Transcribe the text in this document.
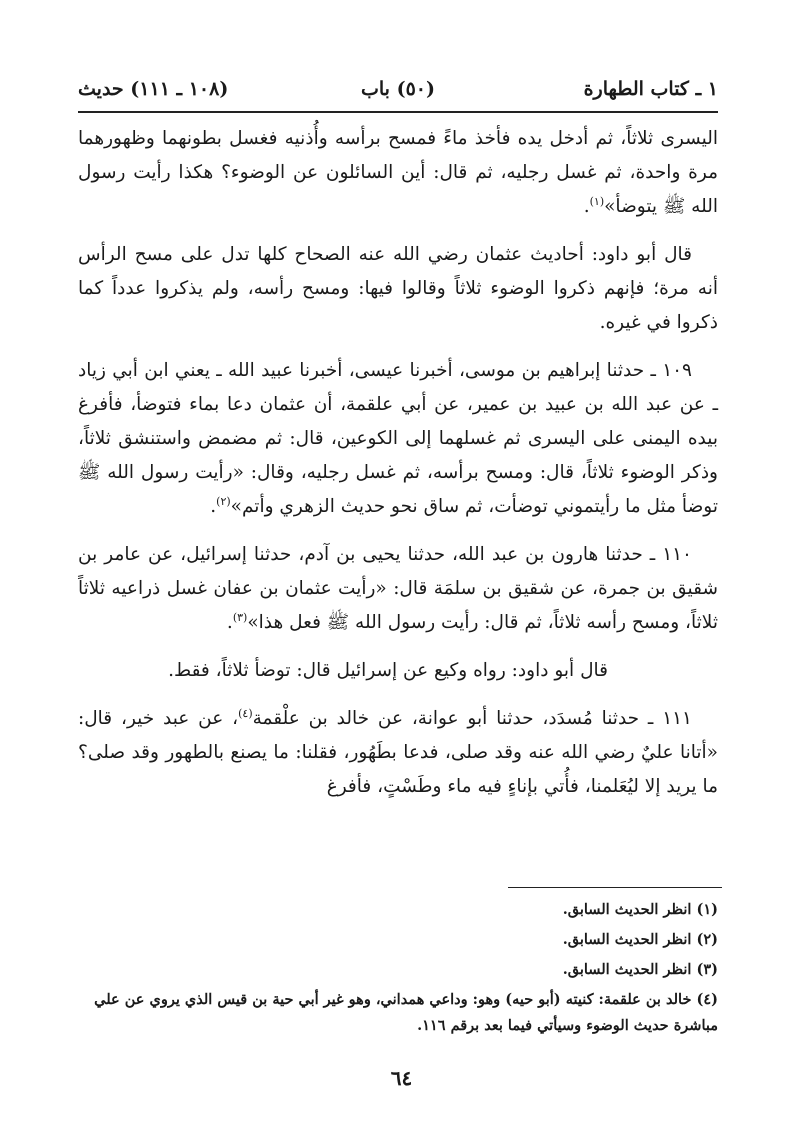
١ ـ كتاب الطهارة
(٥٠) باب
(١٠٨ ـ ١١١) حديث

اليسرى ثلاثاً، ثم أدخل يده فأخذ ماءً فمسح برأسه وأُذنيه فغسل بطونهما وظهورهما مرة واحدة، ثم غسل رجليه، ثم قال: أين السائلون عن الوضوء؟ هكذا رأيت رسول الله ﷺ يتوضأ»$^{(١)}$.

قال أبو داود: أحاديث عثمان رضي الله عنه الصحاح كلها تدل على مسح الرأس أنه مرة؛ فإنهم ذكروا الوضوء ثلاثاً وقالوا فيها: ومسح رأسه، ولم يذكروا عدداً كما ذكروا في غيره.

١٠٩ ـ حدثنا إبراهيم بن موسى، أخبرنا عيسى، أخبرنا عبيد الله ـ يعني ابن أبي زياد ـ عن عبد الله بن عبيد بن عمير، عن أبي علقمة، أن عثمان دعا بماء فتوضأ، فأفرغ بيده اليمنى على اليسرى ثم غسلهما إلى الكوعين، قال: ثم مضمض واستنشق ثلاثاً، وذكر الوضوء ثلاثاً، قال: ومسح برأسه، ثم غسل رجليه، وقال: «رأيت رسول الله ﷺ توضأ مثل ما رأيتموني توضأت، ثم ساق نحو حديث الزهري وأتم»$^{(٢)}$.

١١٠ ـ حدثنا هارون بن عبد الله، حدثنا يحيى بن آدم، حدثنا إسرائيل، عن عامر بن شقيق بن جمرة، عن شقيق بن سلمَة قال: «رأيت عثمان بن عفان غسل ذراعيه ثلاثاً ثلاثاً، ومسح رأسه ثلاثاً، ثم قال: رأيت رسول الله ﷺ فعل هذا»$^{(٣)}$.

قال أبو داود: رواه وكيع عن إسرائيل قال: توضأ ثلاثاً، فقط.

١١١ ـ حدثنا مُسدَد، حدثنا أبو عوانة، عن خالد بن علْقمة$^{(٤)}$، عن عبد خير، قال: «أتانا عليٌ رضي الله عنه وقد صلى، فدعا بطَهُور، فقلنا: ما يصنع بالطهور وقد صلى؟ ما يريد إلا ليُعَلمنا، فأُتي بإناءٍ فيه ماء وطَسْتٍ، فأفرغ

(١) انظر الحديث السابق.

(٢) انظر الحديث السابق.

(٣) انظر الحديث السابق.

(٤) خالد بن علقمة: كنيته (أبو حيه) وهو: وداعي همداني، وهو غير أبي حية بن قيس الذي يروي عن علي مباشرة حديث الوضوء وسيأتي فيما بعد برقم ١١٦.

٦٤
